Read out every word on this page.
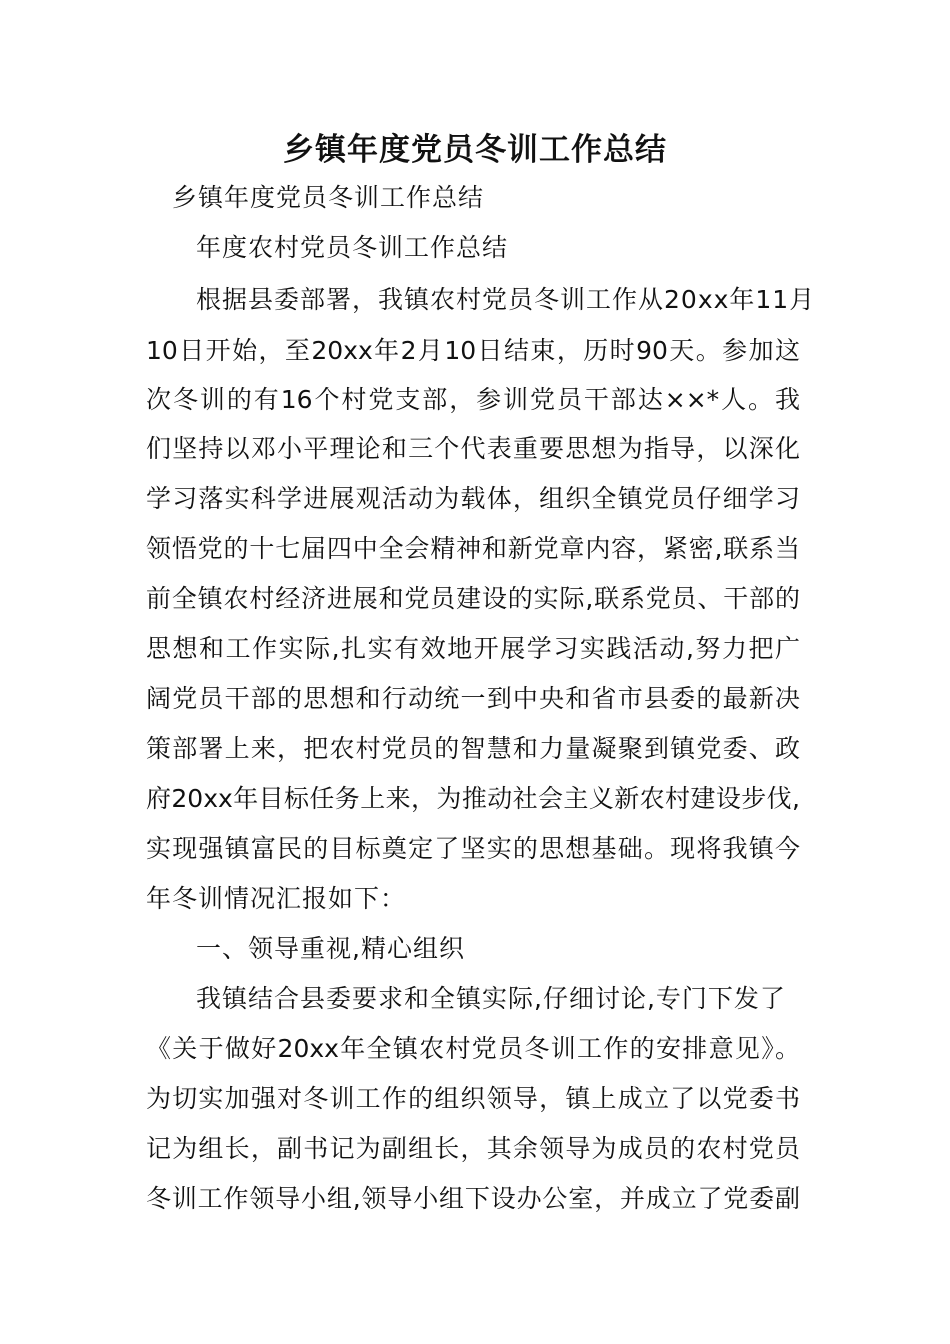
乡镇年度党员冬训工作总结
乡镇年度党员冬训工作总结
年度农村党员冬训工作总结
根据县委部署，我镇农村党员冬训工作从20xx年11月
10日开始，至20xx年2月10日结束，历时90天。参加这
次冬训的有16个村党支部，参训党员干部达××*人。我
们坚持以邓小平理论和三个代表重要思想为指导，以深化
学习落实科学进展观活动为载体，组织全镇党员仔细学习
领悟党的十七届四中全会精神和新党章内容，紧密,联系当
前全镇农村经济进展和党员建设的实际,联系党员、干部的
思想和工作实际,扎实有效地开展学习实践活动,努力把广
阔党员干部的思想和行动统一到中央和省市县委的最新决
策部署上来，把农村党员的智慧和力量凝聚到镇党委、政
府20xx年目标任务上来，为推动社会主义新农村建设步伐,
实现强镇富民的目标奠定了坚实的思想基础。现将我镇今
年冬训情况汇报如下：
一、领导重视,精心组织
我镇结合县委要求和全镇实际,仔细讨论,专门下发了
《关于做好20xx年全镇农村党员冬训工作的安排意见》。
为切实加强对冬训工作的组织领导，镇上成立了以党委书
记为组长，副书记为副组长，其余领导为成员的农村党员
冬训工作领导小组,领导小组下设办公室，并成立了党委副
